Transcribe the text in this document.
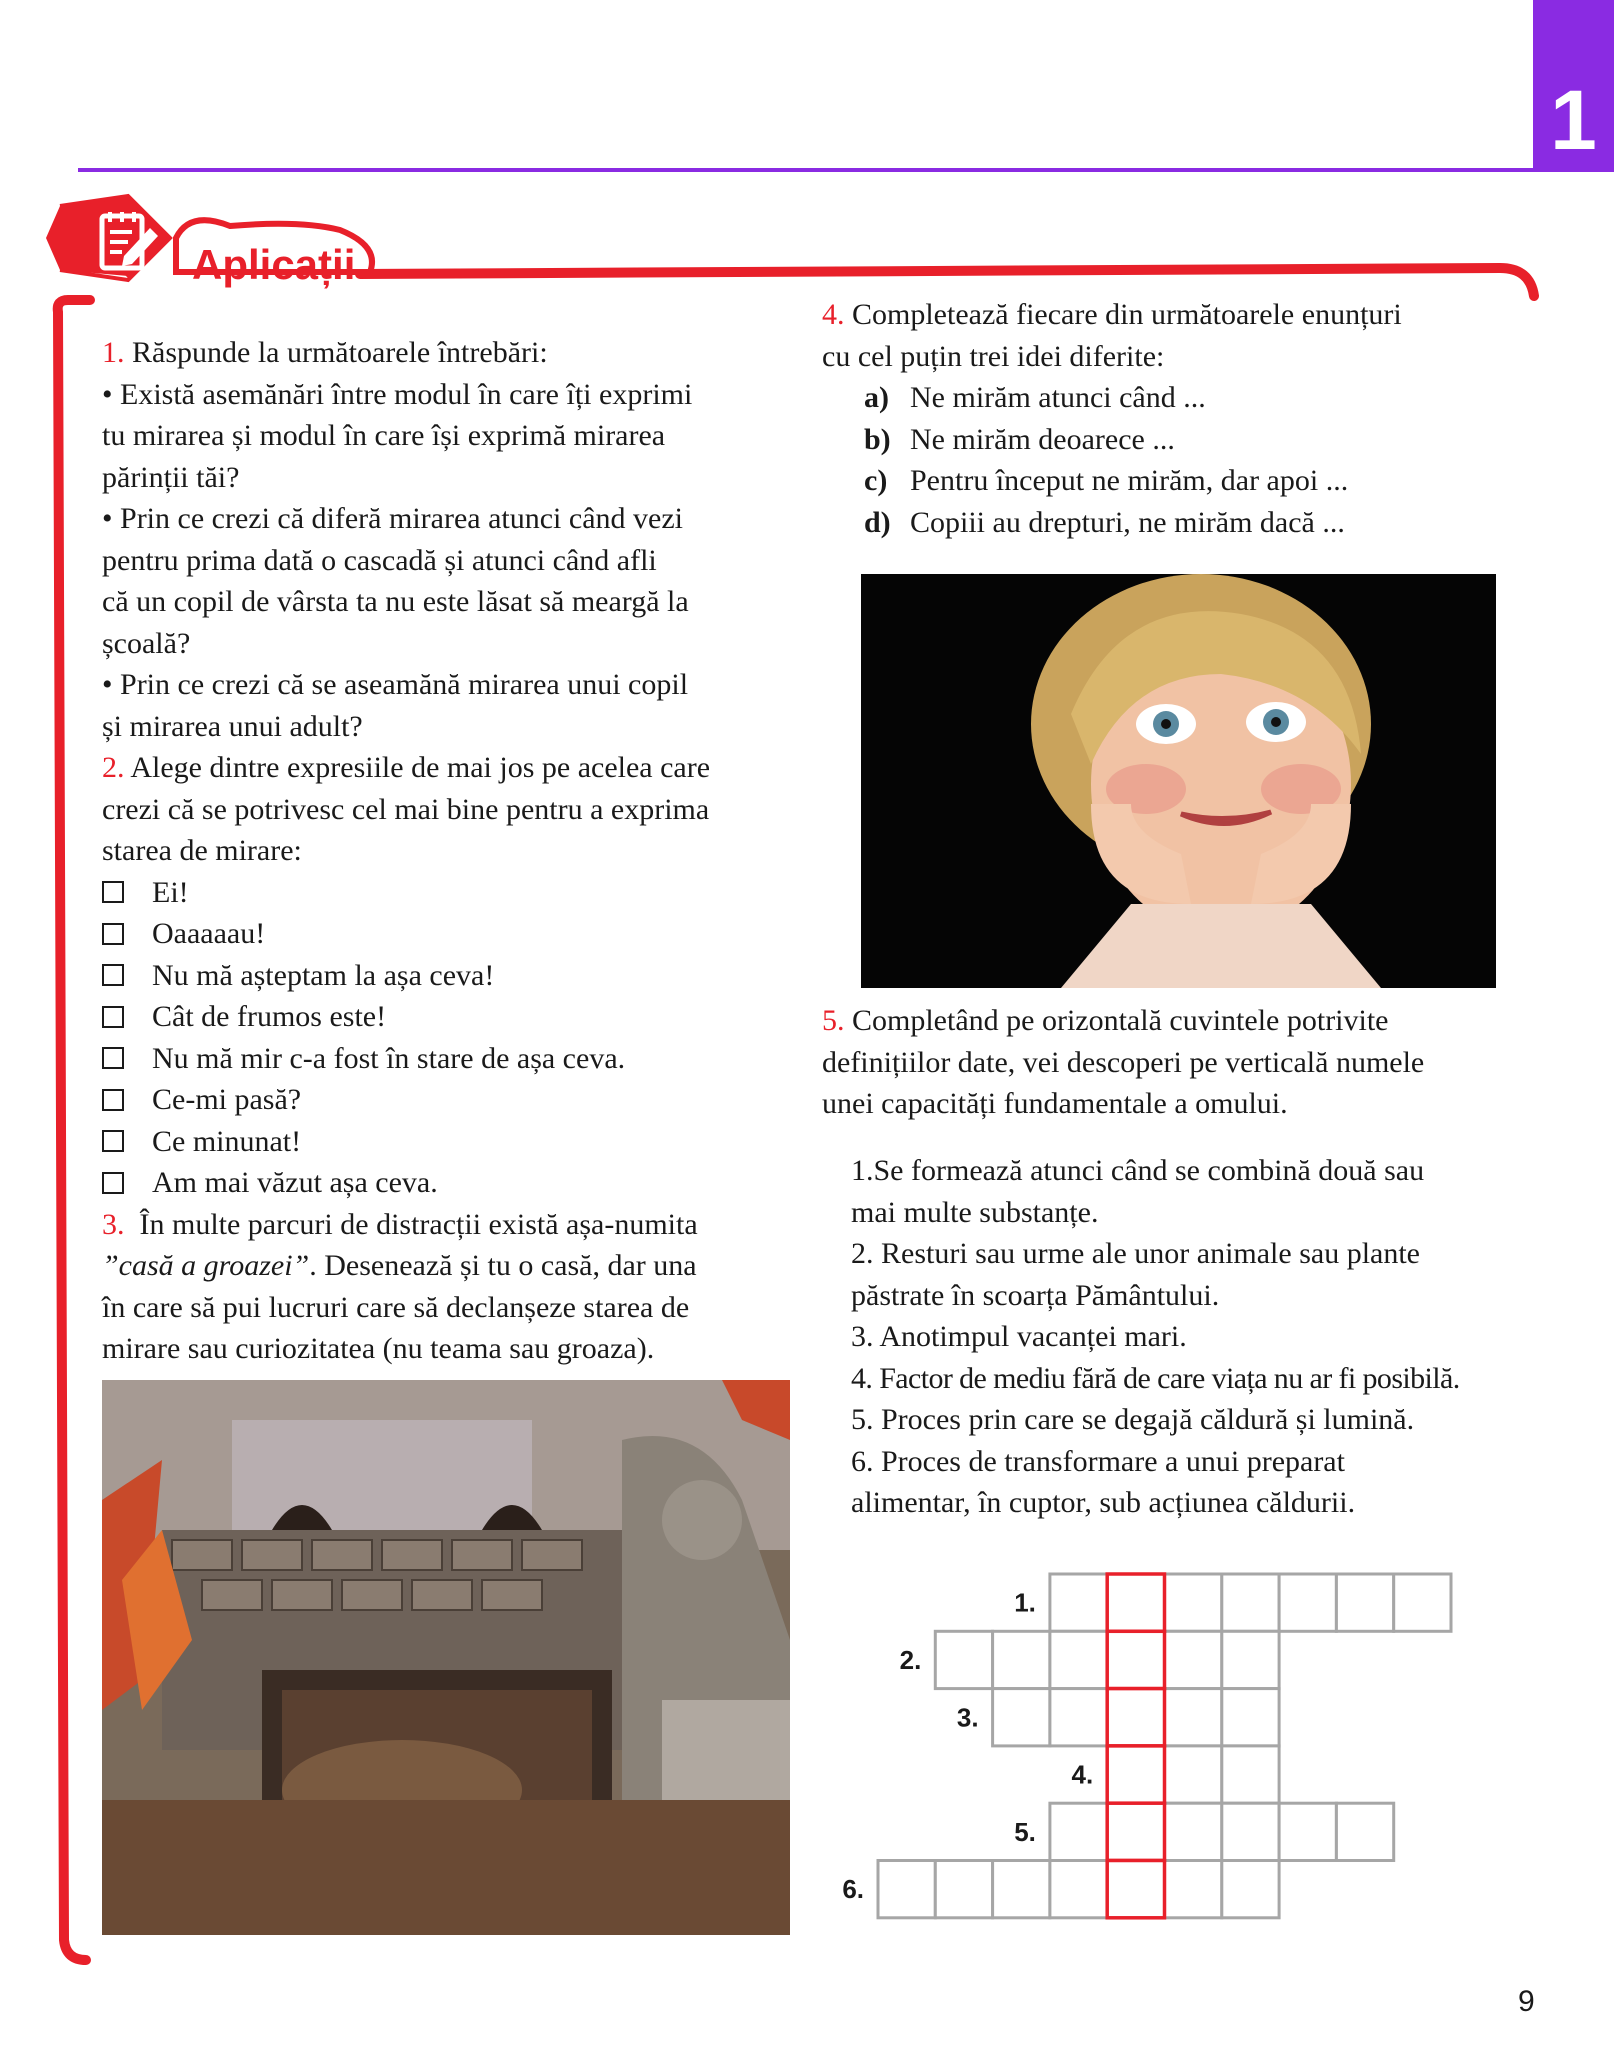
1
Aplicații

1. Răspunde la următoarele întrebări:

• Există asemănări între modul în care îți exprimi

tu mirarea și modul în care își exprimă mirarea

părinții tăi?

• Prin ce crezi că diferă mirarea atunci când vezi

pentru prima dată o cascadă și atunci când afli

că un copil de vârsta ta nu este lăsat să meargă la

școală?

• Prin ce crezi că se aseamănă mirarea unui copil

și mirarea unui adult?

2. Alege dintre expresiile de mai jos pe acelea care

crezi că se potrivesc cel mai bine pentru a exprima

starea de mirare:

Ei!

Oaaaaau!

Nu mă așteptam la așa ceva!

Cât de frumos este!

Nu mă mir c-a fost în stare de așa ceva.

Ce-mi pasă?

Ce minunat!

Am mai văzut așa ceva.

3. În multe parcuri de distracții există așa-numita

”casă a groazei”. Desenează și tu o casă, dar una

în care să pui lucruri care să declanșeze starea de

mirare sau curiozitatea (nu teama sau groaza).

4. Completează fiecare din următoarele enunțuri

cu cel puțin trei idei diferite:

a) Ne mirăm atunci când ...

b) Ne mirăm deoarece ...

c) Pentru început ne mirăm, dar apoi ...

d) Copiii au drepturi, ne mirăm dacă ...

5. Completând pe orizontală cuvintele potrivite

definițiilor date, vei descoperi pe verticală numele

unei capacități fundamentale a omului.

1.Se formează atunci când se combină două sau

mai multe substanțe.

2. Resturi sau urme ale unor animale sau plante

păstrate în scoarța Pământului.

3. Anotimpul vacanței mari.

4. Factor de mediu fără de care viața nu ar fi posibilă.

5. Proces prin care se degajă căldură și lumină.

6. Proces de transformare a unui preparat

alimentar, în cuptor, sub acțiunea căldurii.

1.
2.
3.
4.
5.
6.
9
